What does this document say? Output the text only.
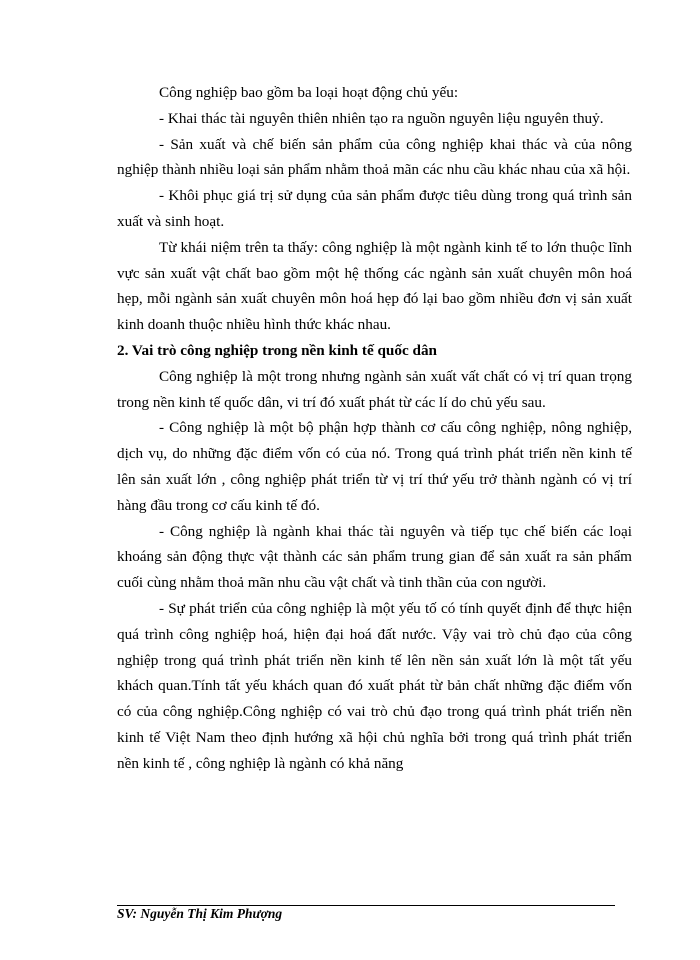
Công nghiệp bao gồm ba loại hoạt động chủ yếu:

- Khai thác tài nguyên thiên nhiên tạo ra nguồn nguyên liệu nguyên thuỷ.

- Sản xuất và chế biến sản phẩm của công nghiệp khai thác và của nông nghiệp thành nhiều loại sản phẩm nhằm thoả mãn các nhu cầu khác nhau của xã hội.

- Khôi phục giá trị sử dụng của sản phẩm được tiêu dùng trong quá trình sản xuất và sinh hoạt.

Từ khái niệm trên ta thấy: công nghiệp là một ngành kinh tế to lớn thuộc lĩnh vực sản xuất vật chất bao gồm một hệ thống các ngành sản xuất chuyên môn hoá hẹp, mỗi ngành sản xuất chuyên môn hoá hẹp đó lại bao gồm nhiều đơn vị sản xuất kinh doanh thuộc nhiều hình thức khác nhau.

2. Vai trò công nghiệp trong nền kinh tế quốc dân

Công nghiệp là một trong nhưng ngành sản xuất vất chất có vị trí quan trọng trong nền kinh tế quốc dân, vi trí đó xuất phát từ các lí do chủ yếu sau.

- Công nghiệp là một bộ phận hợp thành cơ cấu công nghiệp, nông nghiệp, dịch vụ, do những đặc điểm vốn có của nó. Trong quá trình phát triển nền kinh tế lên sản xuất lớn , công nghiệp phát triển từ vị trí thứ yếu trở thành ngành có vị trí hàng đầu trong cơ cấu kinh tế đó.

- Công nghiệp là ngành khai thác tài nguyên và tiếp tục chế biến các loại khoáng sản động thực vật thành các sản phẩm trung gian để sản xuất ra sản phẩm cuối cùng nhằm thoả mãn nhu cầu vật chất và tinh thần của con người.

- Sự phát triển của công nghiệp là một yếu tố có tính quyết định để thực hiện quá trình công nghiệp hoá, hiện đại hoá đất nước. Vậy vai trò chủ đạo của công nghiệp trong quá trình phát triển nền kinh tế lên nền sản xuất lớn là một tất yếu khách quan.Tính tất yếu khách quan đó xuất phát từ bản chất những đặc điểm vốn có của công nghiệp.Công nghiệp có vai trò chủ đạo trong quá trình phát triển nền kinh tế Việt Nam theo định hướng xã hội chủ nghĩa bởi trong quá trình phát triển nền kinh tế , công nghiệp là ngành có khả năng

SV: Nguyễn Thị Kim Phượng
